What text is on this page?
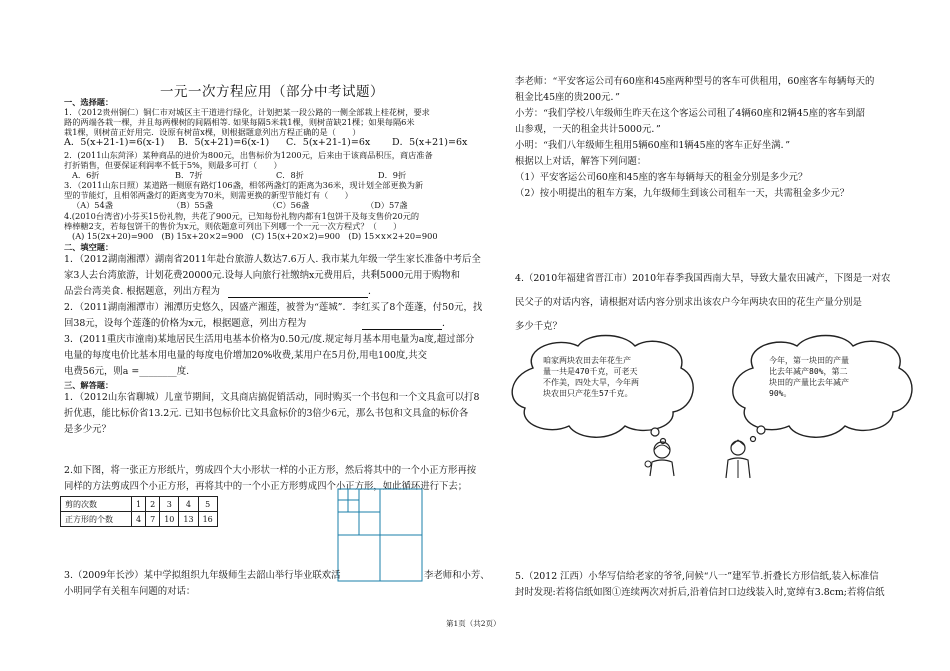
一元一次方程应用（部分中考试题）
一、选择题：
1．（2012贵州铜仁）铜仁市对城区主干道进行绿化，计划把某一段公路的一侧全部栽上桂花树，要求
路的两端各栽一棵，并且每两棵树的间隔相等. 如果每隔5米栽1棵，则树苗缺21棵；如果每隔6米
栽1棵，则树苗正好用完．设原有树苗x棵，则根据题意列出方程正确的是（　　）
A．5(x+21-1)=6(x-1) B．5(x+21)=6(x-1) C．5(x+21-1)=6x D．5(x+21)=6x
2．(2011山东菏泽）某种商品的进价为800元，出售标价为1200元，后来由于该商品积压，商店准备
打折销售，但要保证利润率不低于5%，则最多可打（　　）
A．6折	B．7折	C．8折	D．9折
3．（2011山东日照）某道路一侧原有路灯106盏，相邻两盏灯的距离为36米，现计划全部更换为新
型的节能灯，且相邻两盏灯的距离变为70米，则需更换的新型节能灯有（　　）
（A）54盏	（B）55盏	（C）56盏	（D）57盏
4.(2010台湾省)小芬买15份礼物，共花了900元，已知每份礼物内都有1包饼干及每支售价20元的
棒棒糖2支，若每包饼干的售价为x元，则依题意可列出下列哪一个一元一次方程式？（　　）
(A) 15(2x+20)=900　(B) 15x+20×2=900　(C) 15(x+20×2)=900　(D) 15×x×2+20=900
二、填空题：
1．（2012湖南湘潭）湖南省2011年赴台旅游人数达7.6万人. 我市某九年级一学生家长准备中考后全
家3人去台湾旅游，计划花费20000元.设每人向旅行社缴纳x元费用后，共剩5000元用于购物和
品尝台湾美食. 根据题意，列出方程为	．
2．（2011湖南湘潭市）湘潭历史悠久，因盛产湘莲，被誉为“莲城”．李红买了8个莲蓬，付50元，找
回38元，设每个莲蓬的价格为x元，根据题意，列出方程为	．
3．(2011重庆市潼南)某地居民生活用电基本价格为0.50元/度.规定每月基本用电量为a度,超过部分
电量的每度电价比基本用电量的每度电价增加20%收费,某用户在5月份,用电100度,共交
电费56元，则a =________度.
三、解答题：
1．（2012山东省聊城）儿童节期间，文具商店搞促销活动，同时购买一个书包和一个文具盒可以打8
折优惠，能比标价省13.2元. 已知书包标价比文具盒标价的3倍少6元，那么书包和文具盒的标价各
是多少元？
2.如下图，将一张正方形纸片，剪成四个大小形状一样的小正方形，然后将其中的一个小正方形再按
同样的方法剪成四个小正方形，再将其中的一个小正方形剪成四个小正方形，如此循环进行下去；
剪的次数	1	2	3	4	5
正方形的个数	4	7	10	13	16
3.（2009年长沙）某中学拟组织九年级师生去韶山举行毕业联欢活	李老师和小芳、
小明同学有关租车问题的对话：
李老师：“平安客运公司有60座和45座两种型号的客车可供租用，60座客车每辆每天的
租金比45座的贵200元．”
小芳：“我们学校八年级师生昨天在这个客运公司租了4辆60座和2辆45座的客车到韶
山参观，一天的租金共计5000元．”
小明：“我们八年级师生租用5辆60座和1辆45座的客车正好坐满．”
根据以上对话，解答下列问题：
（1）平安客运公司60座和45座的客车每辆每天的租金分别是多少元？
（2）按小明提出的租车方案，九年级师生到该公司租车一天，共需租金多少元？
4.（2010年福建省晋江市）2010年春季我国西南大旱，导致大量农田减产，下图是一对农
民父子的对话内容，请根据对话内容分别求出该农户今年两块农田的花生产量分别是
多少千克？
咱家两块农田去年花生产
量一共是470千克，可老天
不作美，四处大旱，今年两
块农田只产花生57千克。
今年，第一块田的产量
比去年减产80%，第二
块田的产量比去年减产
90%。
5.（2012 江西）小华写信给老家的爷爷,问候“八一”建军节.折叠长方形信纸,装入标准信
封时发现:若将信纸如图①连续两次对折后,沿着信封口边线装入时,宽绰有3.8cm;若将信纸
第1页（共2页）
